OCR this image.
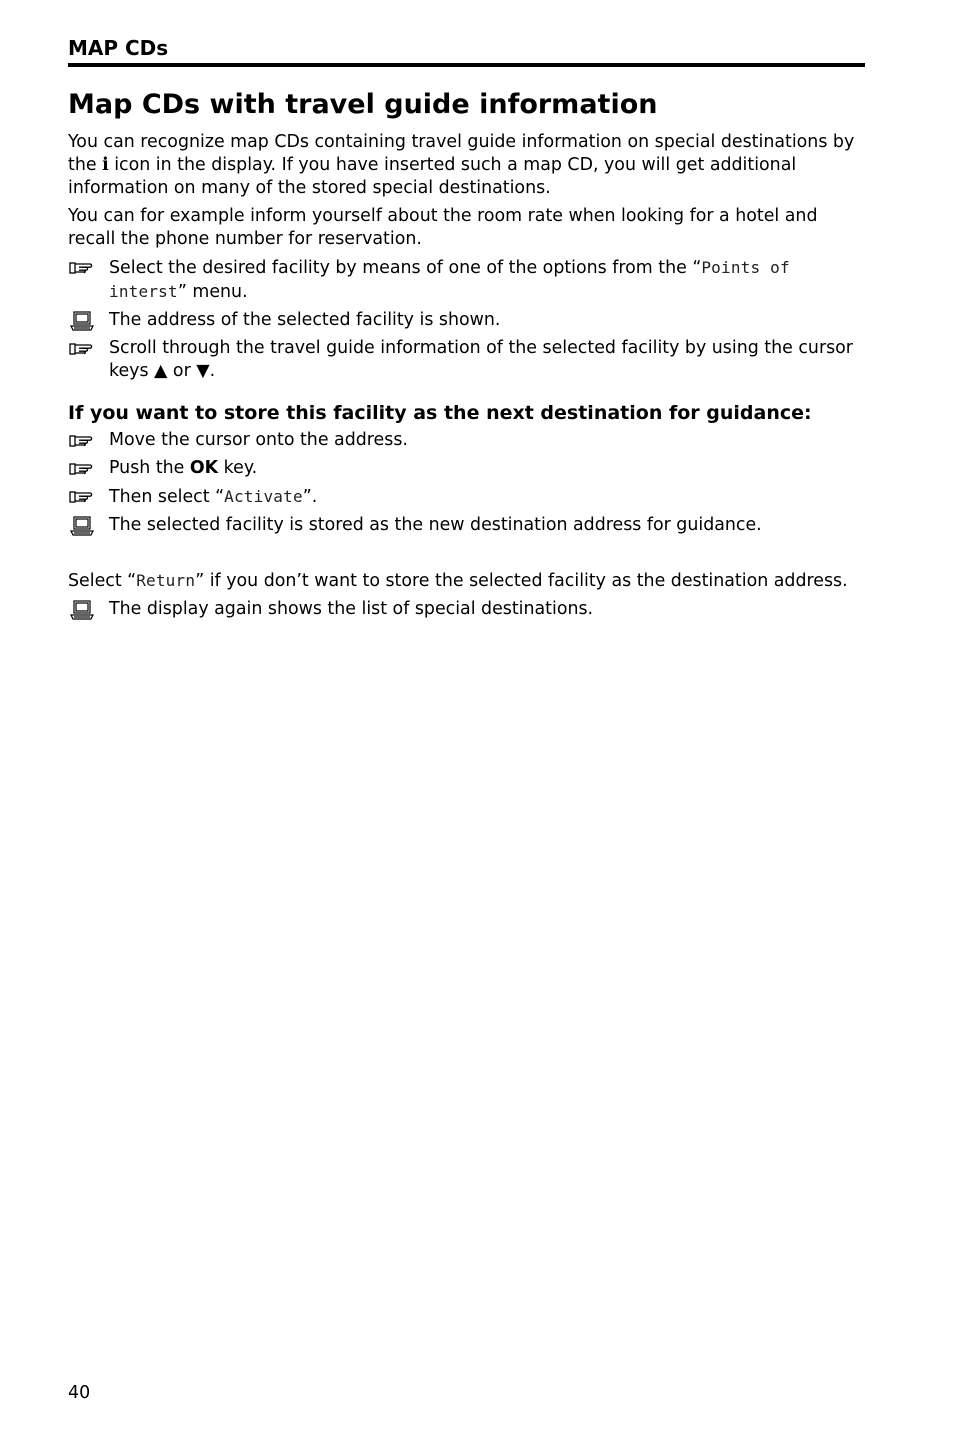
MAP CDs
Map CDs with travel guide information

You can recognize map CDs containing travel guide information on special destinations by the i icon in the display. If you have inserted such a map CD, you will get additional information on many of the stored special destinations.

You can for example inform yourself about the room rate when looking for a hotel and recall the phone number for reservation.

Select the desired facility by means of one of the options from the “Points of interst” menu.
The address of the selected facility is shown.
Scroll through the travel guide information of the selected facility by using the cursor keys ▲ or ▼.
If you want to store this facility as the next destination for guidance:
Move the cursor onto the address.
Push the OK key.
Then select “Activate”.
The selected facility is stored as the new destination address for guidance.

Select “Return” if you don’t want to store the selected facility as the destination address.

The display again shows the list of special destinations.
40
